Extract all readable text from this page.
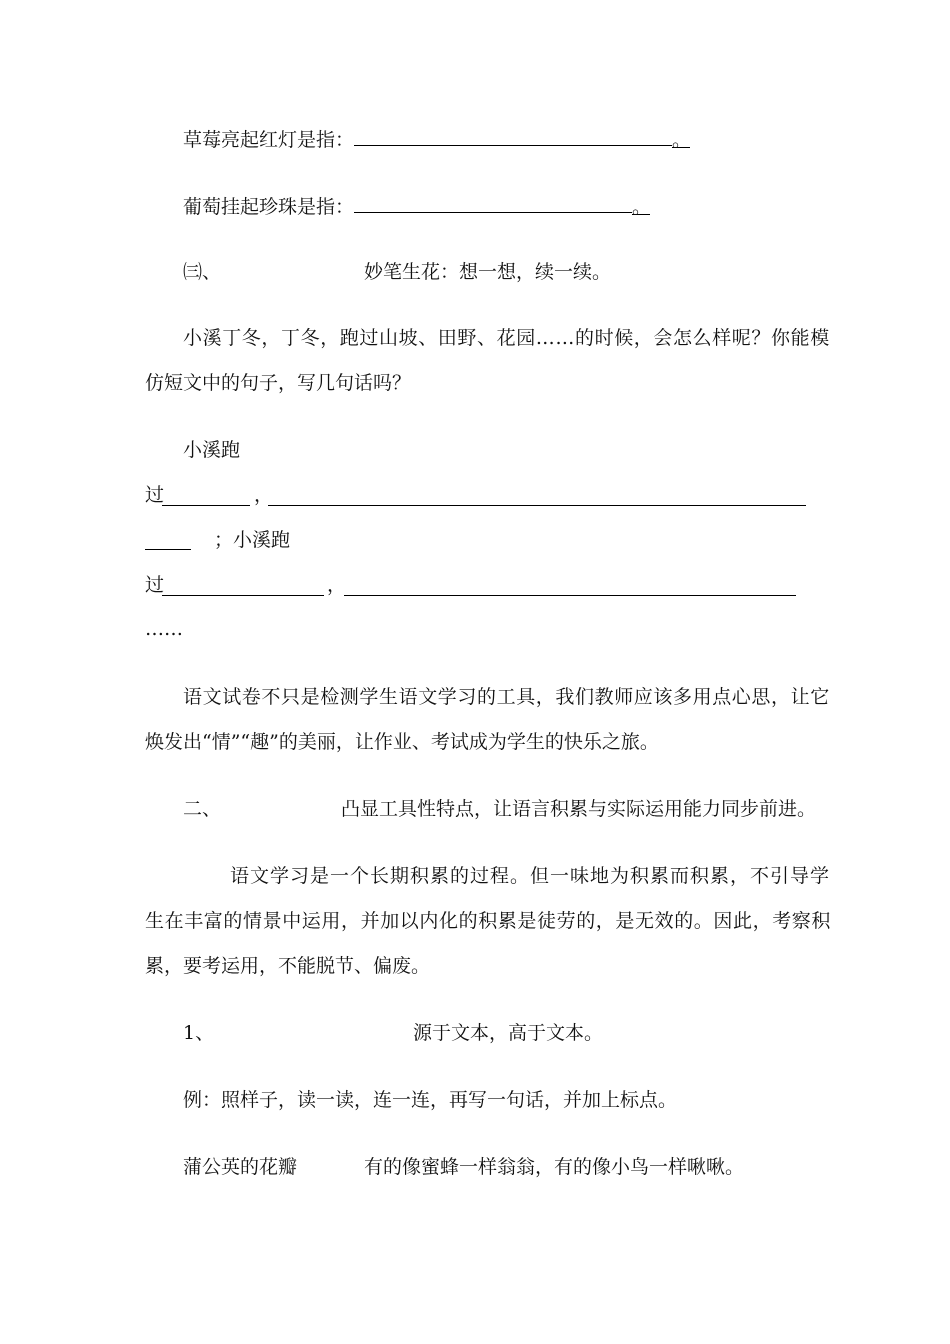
草莓亮起红灯是指：	。
葡萄挂起珍珠是指：	。
㈢、	妙笔生花：想一想，续一续。
小溪丁冬，丁冬，跑过山坡、田野、花园……的时候，会怎么样呢？你能模
仿短文中的句子，写几句话吗？
小溪跑
过	，
；小溪跑
过	，
……
语文试卷不只是检测学生语文学习的工具，我们教师应该多用点心思，让它
焕发出“情”“趣”的美丽，让作业、考试成为学生的快乐之旅。
二、	凸显工具性特点，让语言积累与实际运用能力同步前进。
语文学习是一个长期积累的过程。但一味地为积累而积累，不引导学
生在丰富的情景中运用，并加以内化的积累是徒劳的，是无效的。因此，考察积
累，要考运用，不能脱节、偏废。
1、	源于文本，高于文本。
例：照样子，读一读，连一连，再写一句话，并加上标点。
蒲公英的花瓣	有的像蜜蜂一样翁翁，有的像小鸟一样啾啾。
